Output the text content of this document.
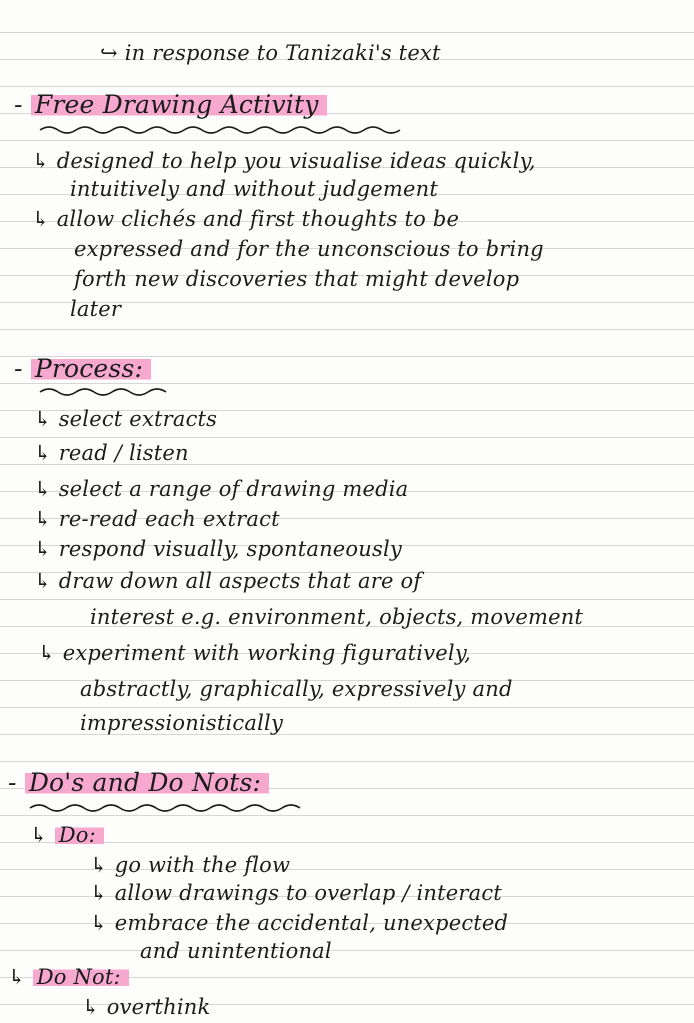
↪ in response to Tanizaki's text

- Free Drawing Activity

↳ designed to help you visualise ideas quickly,

intuitively and without judgement

↳ allow clichés and first thoughts to be

expressed and for the unconscious to bring

forth new discoveries that might develop

later

- Process:

↳ select extracts

↳ read / listen

↳ select a range of drawing media

↳ re-read each extract

↳ respond visually, spontaneously

↳ draw down all aspects that are of

interest e.g. environment, objects, movement

↳ experiment with working figuratively,

abstractly, graphically, expressively and

impressionistically

- Do's and Do Nots:

↳ Do:

↳ go with the flow

↳ allow drawings to overlap / interact

↳ embrace the accidental, unexpected

and unintentional

↳ Do Not:

↳ overthink
